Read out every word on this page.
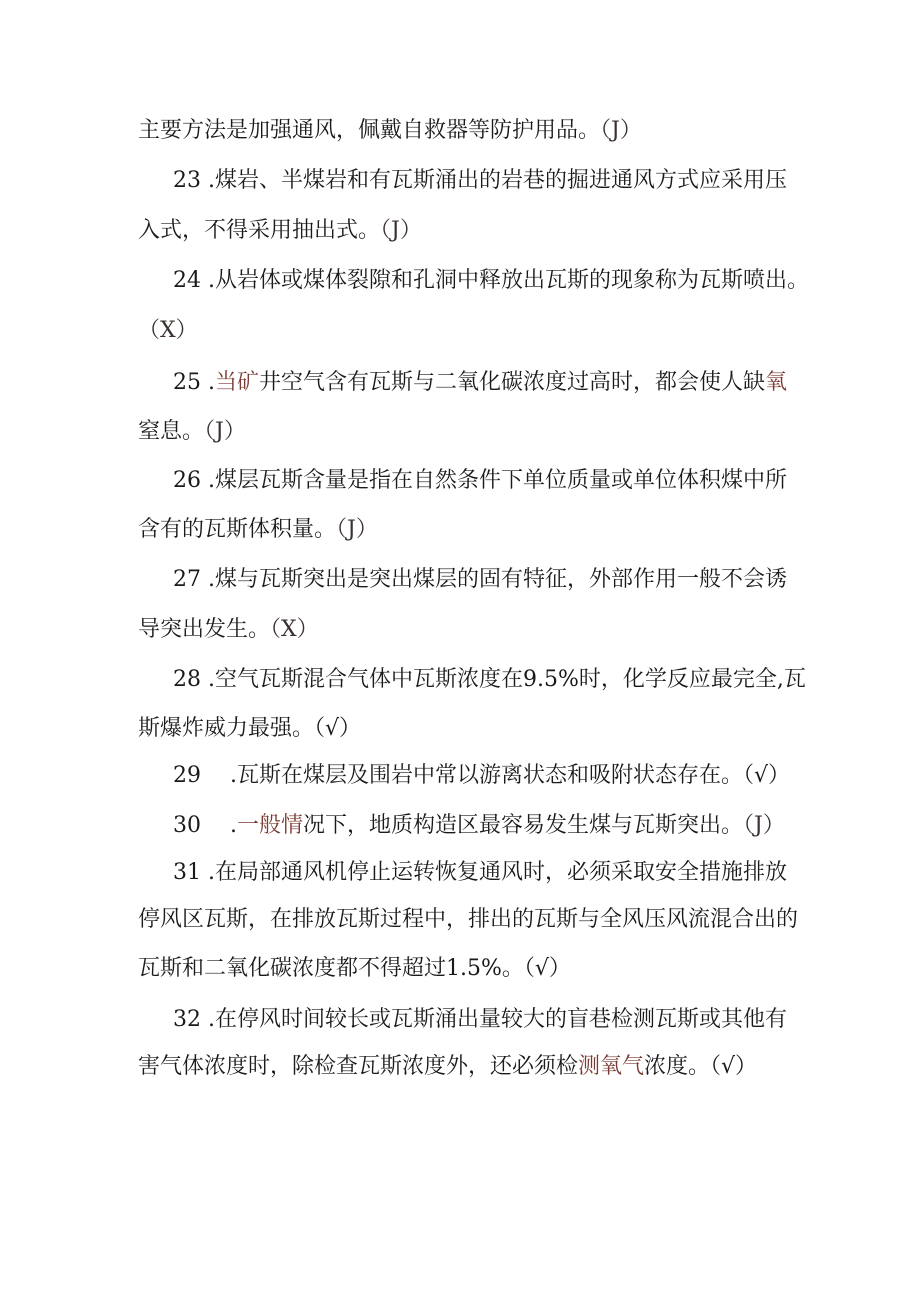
主要方法是加强通风，佩戴自救器等防护用品。（J）
23 .煤岩、半煤岩和有瓦斯涌出的岩巷的掘进通风方式应采用压
入式，不得采用抽出式。（J）
24 .从岩体或煤体裂隙和孔洞中释放出瓦斯的现象称为瓦斯喷出。
（X）
25 .当矿井空气含有瓦斯与二氧化碳浓度过高时，都会使人缺氧
窒息。（J）
26 .煤层瓦斯含量是指在自然条件下单位质量或单位体积煤中所
含有的瓦斯体积量。（J）
27 .煤与瓦斯突出是突出煤层的固有特征，外部作用一般不会诱
导突出发生。（X）
28 .空气瓦斯混合气体中瓦斯浓度在9.5%时，化学反应最完全,瓦
斯爆炸威力最强。（√）
29 　.瓦斯在煤层及围岩中常以游离状态和吸附状态存在。（√）
30 　.一般情况下，地质构造区最容易发生煤与瓦斯突出。（J）
31 .在局部通风机停止运转恢复通风时，必须采取安全措施排放
停风区瓦斯，在排放瓦斯过程中，排出的瓦斯与全风压风流混合出的
瓦斯和二氧化碳浓度都不得超过1.5%。（√）
32 .在停风时间较长或瓦斯涌出量较大的盲巷检测瓦斯或其他有
害气体浓度时，除检查瓦斯浓度外，还必须检测氧气浓度。（√）
